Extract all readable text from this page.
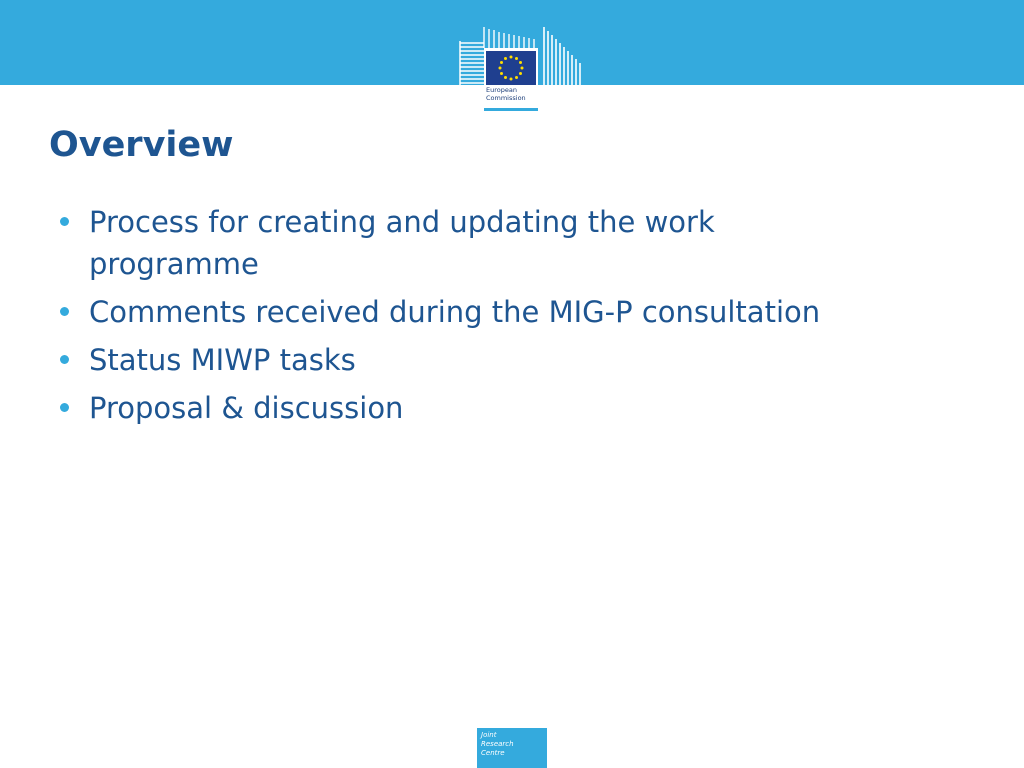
European
Commission
Overview
Process for creating and updating the work programme
Comments received during the MIG-P consultation
Status MIWP tasks
Proposal & discussion
Joint
Research
Centre
